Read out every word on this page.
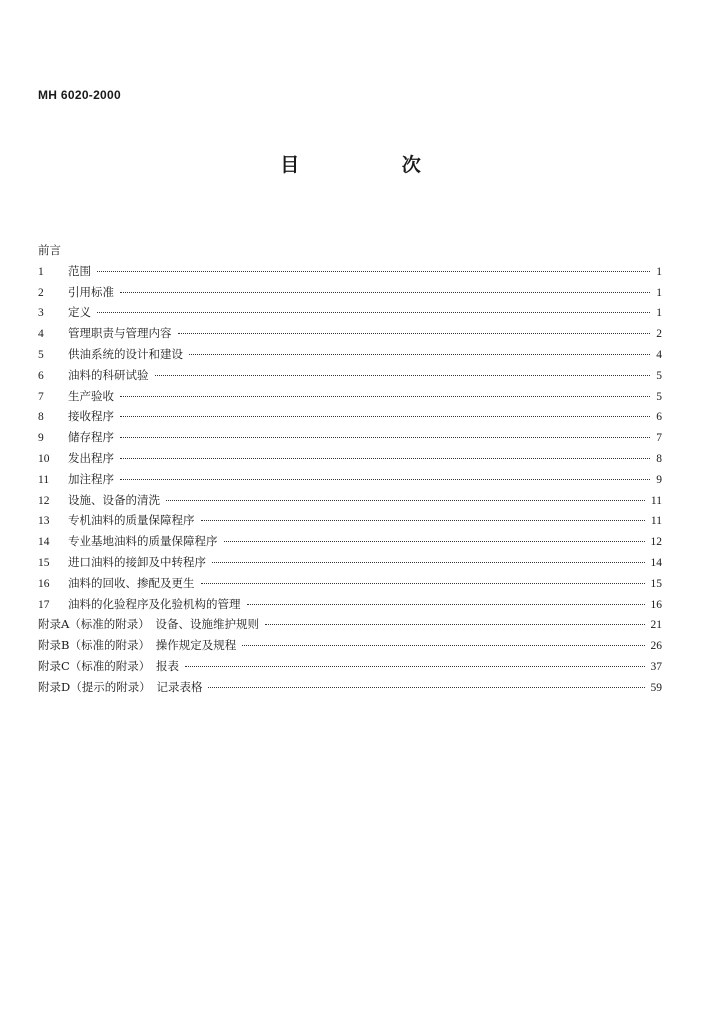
MH 6020-2000
目 次
前言
1	范围	1
2	引用标准	1
3	定义	1
4	管理职责与管理内容	2
5	供油系统的设计和建设	4
6	油料的科研试验	5
7	生产验收	5
8	接收程序	6
9	储存程序	7
10	发出程序	8
11	加注程序	9
12	设施、设备的清洗	11
13	专机油料的质量保障程序	11
14	专业基地油料的质量保障程序	12
15	进口油料的接卸及中转程序	14
16	油料的回收、掺配及更生	15
17	油料的化验程序及化验机构的管理	16
附录A（标准的附录）　设备、设施维护规则	21
附录B（标准的附录）　操作规定及规程	26
附录C（标准的附录）　报表	37
附录D（提示的附录）　记录表格	59
